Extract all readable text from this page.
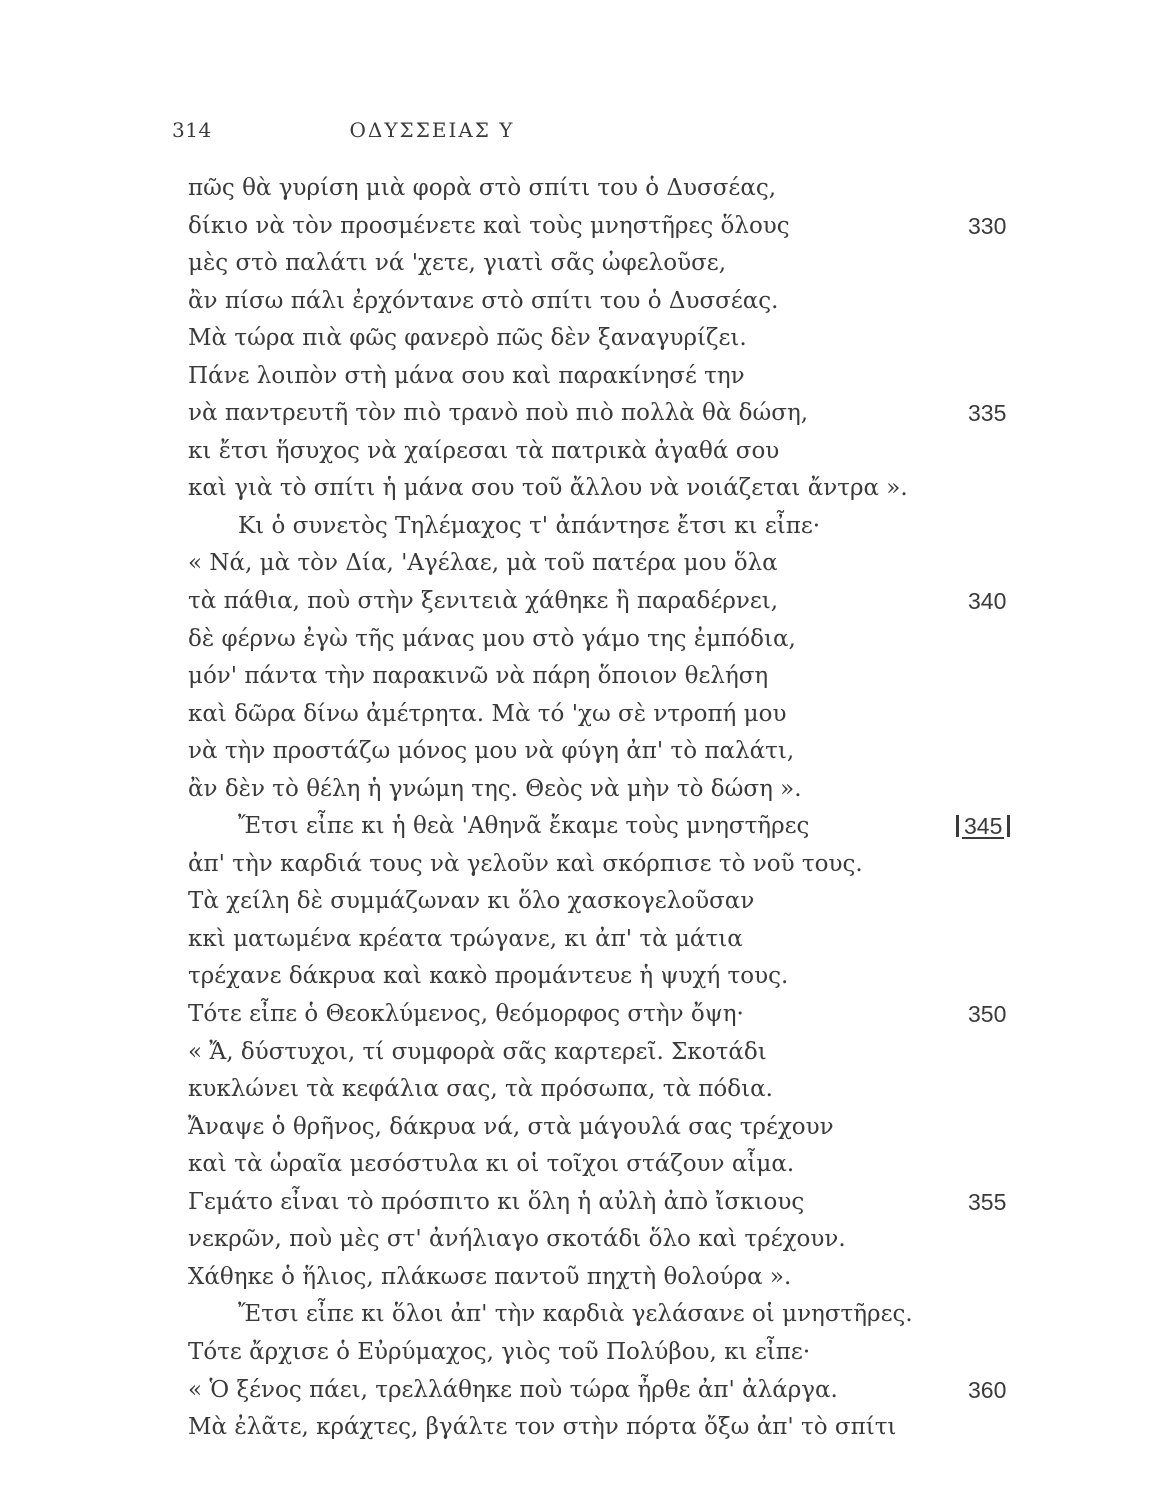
314	ΟΔΥΣΣΕΙΑΣ Υ
πῶς θὰ γυρίση μιὰ φορὰ στὸ σπίτι του ὁ Δυσσέας,
δίκιο νὰ τὸν προσμένετε καὶ τοὺς μνηστῆρες ὅλους	330
μὲς στὸ παλάτι νά 'χετε, γιατὶ σᾶς ὠφελοῦσε,
ἂν πίσω πάλι ἐρχόντανε στὸ σπίτι του ὁ Δυσσέας.
Μὰ τώρα πιὰ φῶς φανερὸ πῶς δὲν ξαναγυρίζει.
Πάνε λοιπὸν στὴ μάνα σου καὶ παρακίνησέ την
νὰ παντρευτῆ τὸν πιὸ τρανὸ ποὺ πιὸ πολλὰ θὰ δώση,	335
κι ἔτσι ἥσυχος νὰ χαίρεσαι τὰ πατρικὰ ἀγαθά σου
καὶ γιὰ τὸ σπίτι ἡ μάνα σου τοῦ ἄλλου νὰ νοιάζεται ἄντρα ».
Κι ὁ συνετὸς Τηλέμαχος τ' ἀπάντησε ἔτσι κι εἶπε·
« Νά, μὰ τὸν Δία, 'Αγέλαε, μὰ τοῦ πατέρα μου ὅλα
τὰ πάθια, ποὺ στὴν ξενιτειὰ χάθηκε ἢ παραδέρνει,	340
δὲ φέρνω ἐγὼ τῆς μάνας μου στὸ γάμο της ἐμπόδια,
μόν' πάντα τὴν παρακινῶ νὰ πάρη ὅποιον θελήση
καὶ δῶρα δίνω ἀμέτρητα. Μὰ τό 'χω σὲ ντροπή μου
νὰ τὴν προστάζω μόνος μου νὰ φύγη ἀπ' τὸ παλάτι,
ἂν δὲν τὸ θέλη ἡ γνώμη της. Θεὸς νὰ μὴν τὸ δώση ».
Ἔτσι εἶπε κι ἡ θεὰ 'Αθηνᾶ ἔκαμε τοὺς μνηστῆρες	345
ἀπ' τὴν καρδιά τους νὰ γελοῦν καὶ σκόρπισε τὸ νοῦ τους.
Τὰ χείλη δὲ συμμάζωναν κι ὅλο χασκογελοῦσαν
κκὶ ματωμένα κρέατα τρώγανε, κι ἀπ' τὰ μάτια
τρέχανε δάκρυα καὶ κακὸ προμάντευε ἡ ψυχή τους.
Τότε εἶπε ὁ Θεοκλύμενος, θεόμορφος στὴν ὄψη·	350
« Ἄ, δύστυχοι, τί συμφορὰ σᾶς καρτερεῖ. Σκοτάδι
κυκλώνει τὰ κεφάλια σας, τὰ πρόσωπα, τὰ πόδια.
Ἄναψε ὁ θρῆνος, δάκρυα νά, στὰ μάγουλά σας τρέχουν
καὶ τὰ ὡραῖα μεσόστυλα κι οἱ τοῖχοι στάζουν αἷμα.
Γεμάτο εἶναι τὸ πρόσπιτο κι ὅλη ἡ αὐλὴ ἀπὸ ἴσκιους	355
νεκρῶν, ποὺ μὲς στ' ἀνήλιαγο σκοτάδι ὅλο καὶ τρέχουν.
Χάθηκε ὁ ἥλιος, πλάκωσε παντοῦ πηχτὴ θολούρα ».
Ἔτσι εἶπε κι ὅλοι ἀπ' τὴν καρδιὰ γελάσανε οἱ μνηστῆρες.
Τότε ἄρχισε ὁ Εὐρύμαχος, γιὸς τοῦ Πολύβου, κι εἶπε·
« Ὁ ξένος πάει, τρελλάθηκε ποὺ τώρα ἦρθε ἀπ' ἀλάργα.	360
Μὰ ἐλᾶτε, κράχτες, βγάλτε τον στὴν πόρτα ὄξω ἀπ' τὸ σπίτι
